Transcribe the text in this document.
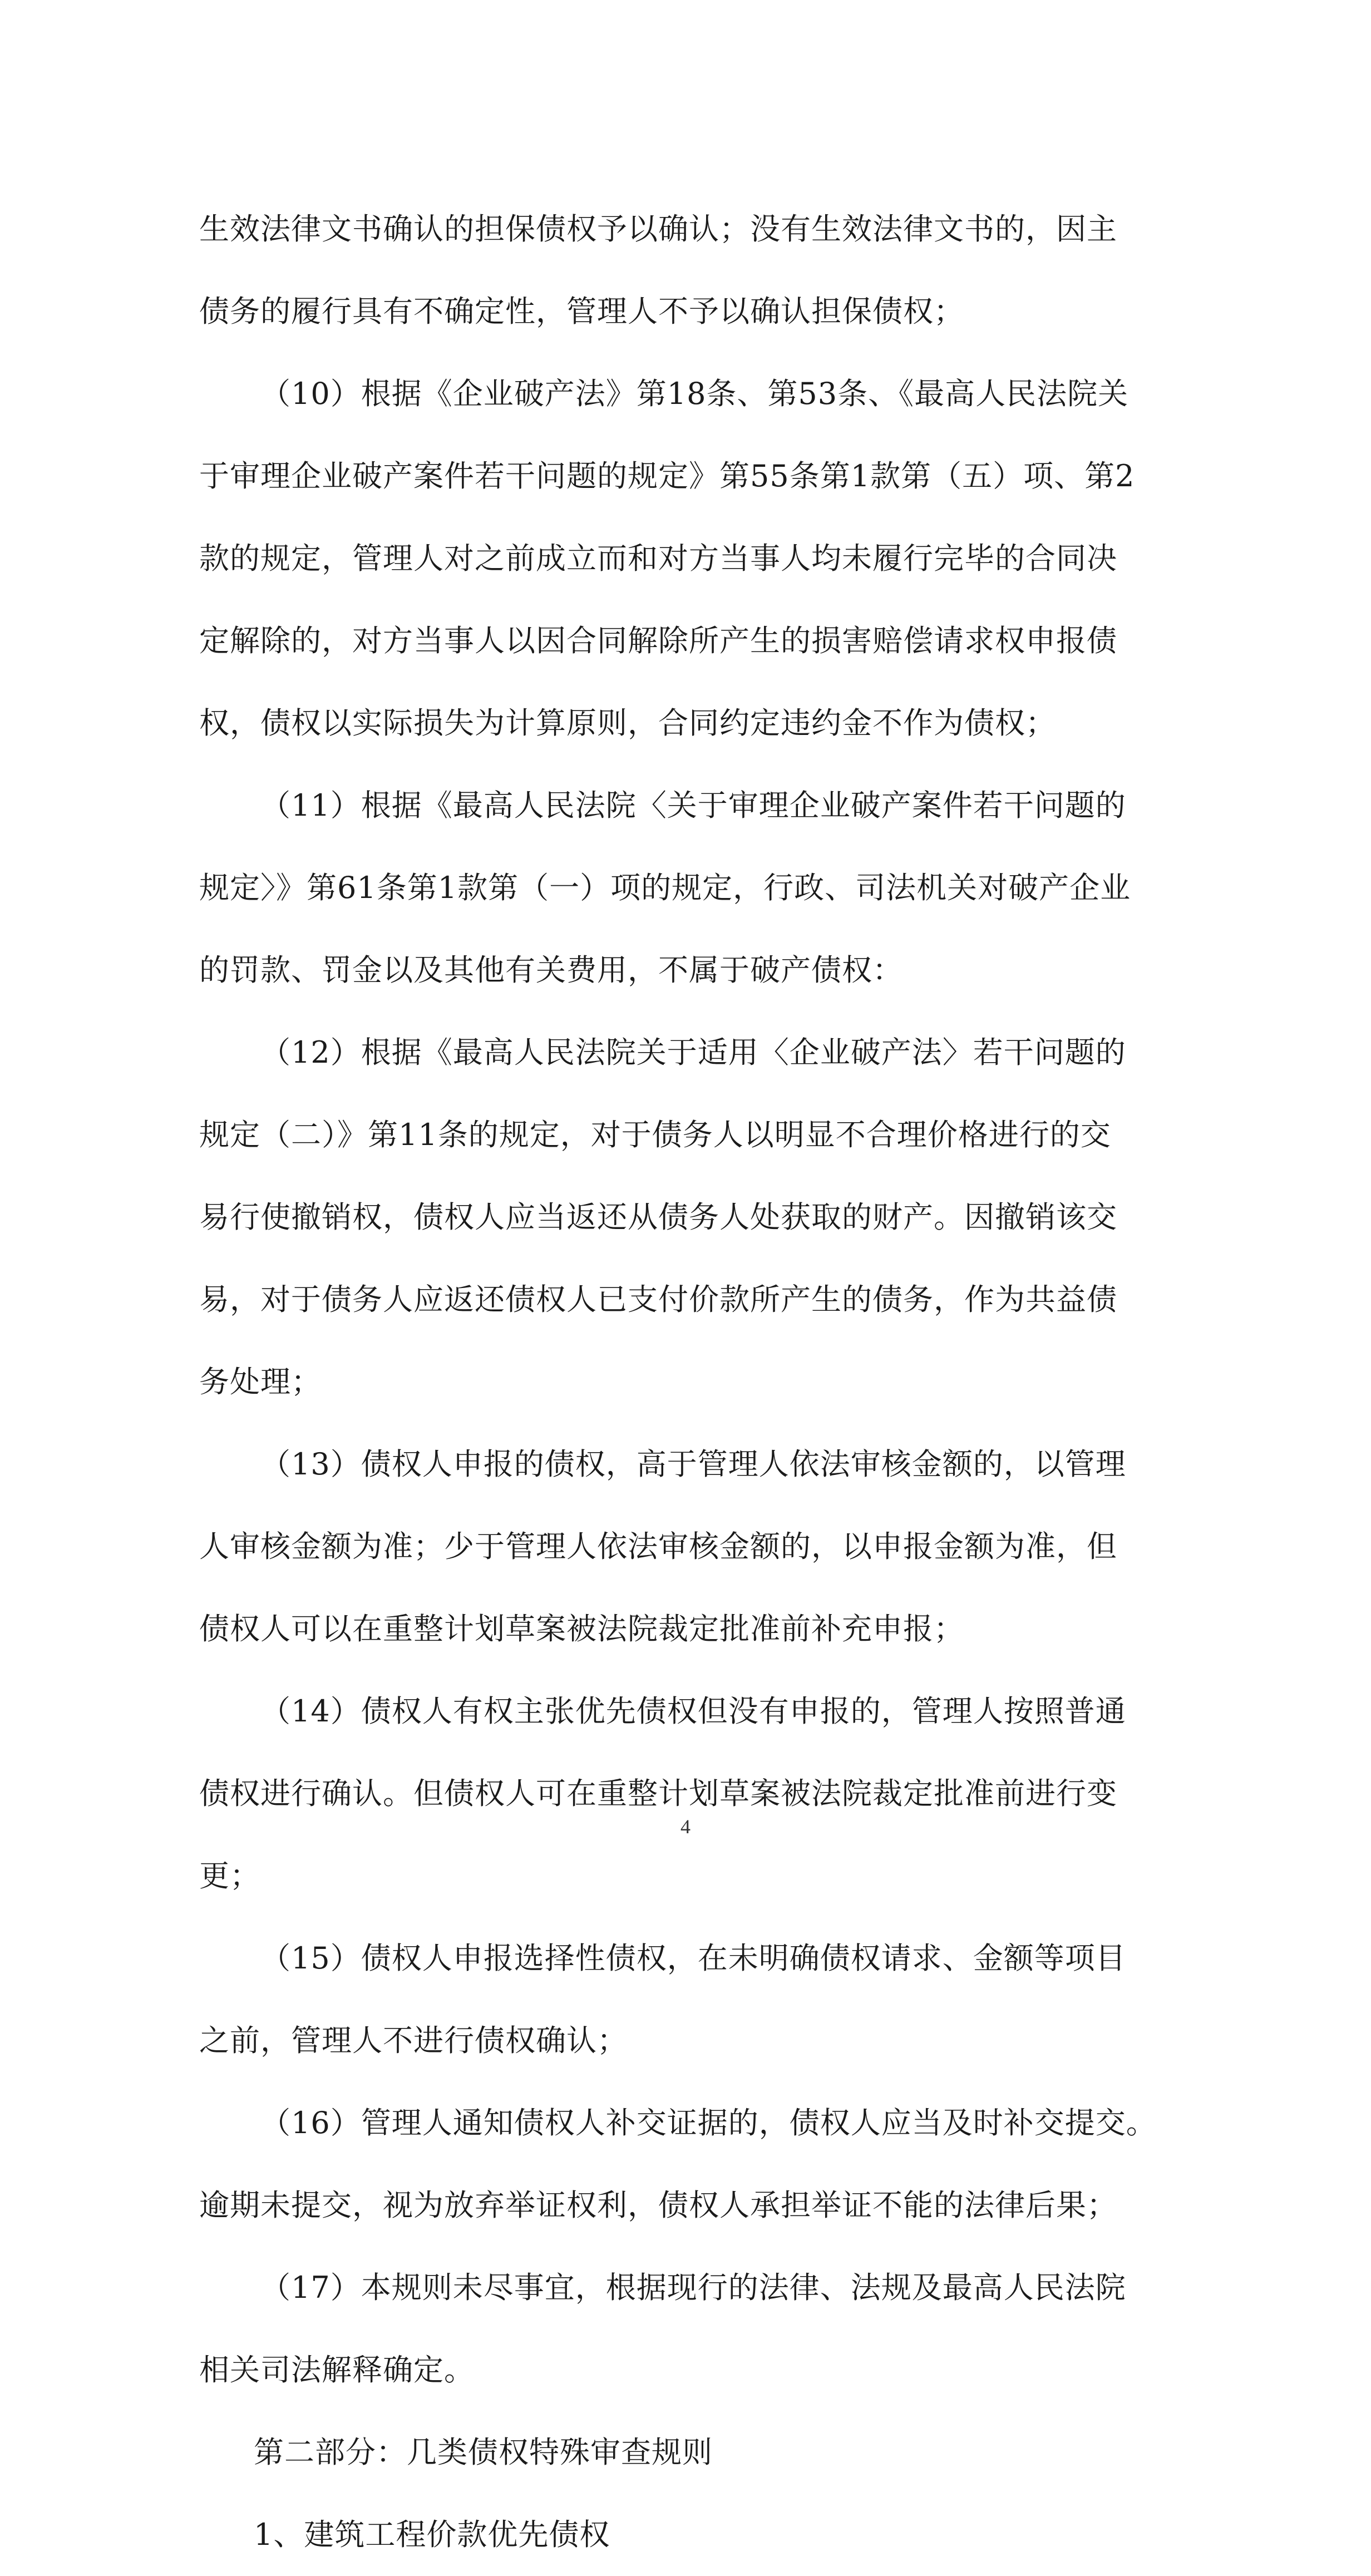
生效法律文书确认的担保债权予以确认；没有生效法律文书的，因主
债务的履行具有不确定性，管理人不予以确认担保债权；
（10）根据《企业破产法》第18条、第53条、《最高人民法院关
于审理企业破产案件若干问题的规定》第55条第1款第（五）项、第2
款的规定，管理人对之前成立而和对方当事人均未履行完毕的合同决
定解除的，对方当事人以因合同解除所产生的损害赔偿请求权申报债
权，债权以实际损失为计算原则，合同约定违约金不作为债权；
（11）根据《最高人民法院〈关于审理企业破产案件若干问题的
规定〉》第61条第1款第（一）项的规定，行政、司法机关对破产企业
的罚款、罚金以及其他有关费用，不属于破产债权：
（12）根据《最高人民法院关于适用〈企业破产法〉若干问题的
规定（二）》第11条的规定，对于债务人以明显不合理价格进行的交
易行使撤销权，债权人应当返还从债务人处获取的财产。因撤销该交
易，对于债务人应返还债权人已支付价款所产生的债务，作为共益债
务处理；
（13）债权人申报的债权，高于管理人依法审核金额的，以管理
人审核金额为准；少于管理人依法审核金额的，以申报金额为准，但
债权人可以在重整计划草案被法院裁定批准前补充申报；
（14）债权人有权主张优先债权但没有申报的，管理人按照普通
债权进行确认。但债权人可在重整计划草案被法院裁定批准前进行变
更；
（15）债权人申报选择性债权，在未明确债权请求、金额等项目
之前，管理人不进行债权确认；
（16）管理人通知债权人补交证据的，债权人应当及时补交提交。
逾期未提交，视为放弃举证权利，债权人承担举证不能的法律后果；
（17）本规则未尽事宜，根据现行的法律、法规及最高人民法院
相关司法解释确定。
第二部分：几类债权特殊审查规则
1、建筑工程价款优先债权
4
